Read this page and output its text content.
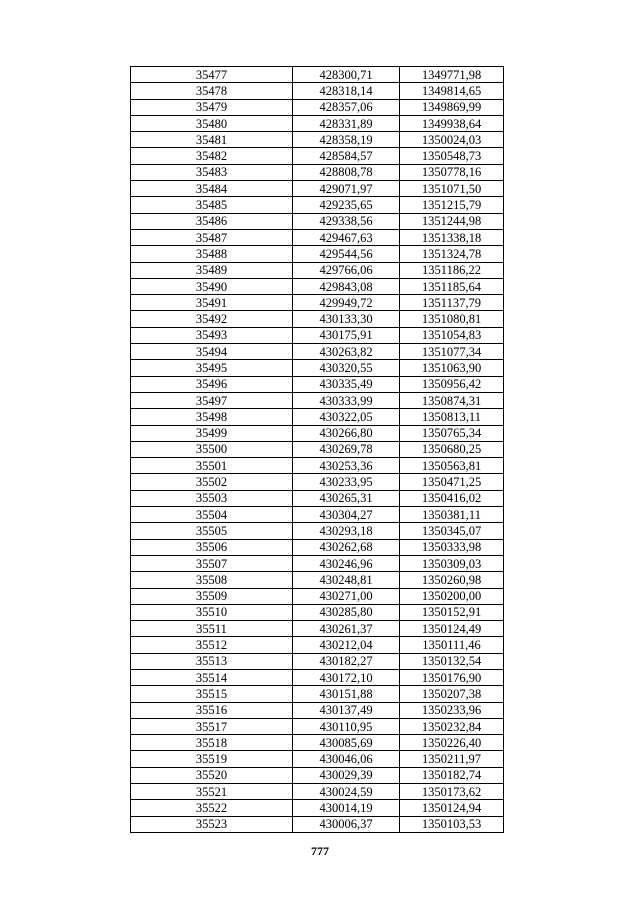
35477	428300,71	1349771,98
35478	428318,14	1349814,65
35479	428357,06	1349869,99
35480	428331,89	1349938,64
35481	428358,19	1350024,03
35482	428584,57	1350548,73
35483	428808,78	1350778,16
35484	429071,97	1351071,50
35485	429235,65	1351215,79
35486	429338,56	1351244,98
35487	429467,63	1351338,18
35488	429544,56	1351324,78
35489	429766,06	1351186,22
35490	429843,08	1351185,64
35491	429949,72	1351137,79
35492	430133,30	1351080,81
35493	430175,91	1351054,83
35494	430263,82	1351077,34
35495	430320,55	1351063,90
35496	430335,49	1350956,42
35497	430333,99	1350874,31
35498	430322,05	1350813,11
35499	430266,80	1350765,34
35500	430269,78	1350680,25
35501	430253,36	1350563,81
35502	430233,95	1350471,25
35503	430265,31	1350416,02
35504	430304,27	1350381,11
35505	430293,18	1350345,07
35506	430262,68	1350333,98
35507	430246,96	1350309,03
35508	430248,81	1350260,98
35509	430271,00	1350200,00
35510	430285,80	1350152,91
35511	430261,37	1350124,49
35512	430212,04	1350111,46
35513	430182,27	1350132,54
35514	430172,10	1350176,90
35515	430151,88	1350207,38
35516	430137,49	1350233,96
35517	430110,95	1350232,84
35518	430085,69	1350226,40
35519	430046,06	1350211,97
35520	430029,39	1350182,74
35521	430024,59	1350173,62
35522	430014,19	1350124,94
35523	430006,37	1350103,53
777
